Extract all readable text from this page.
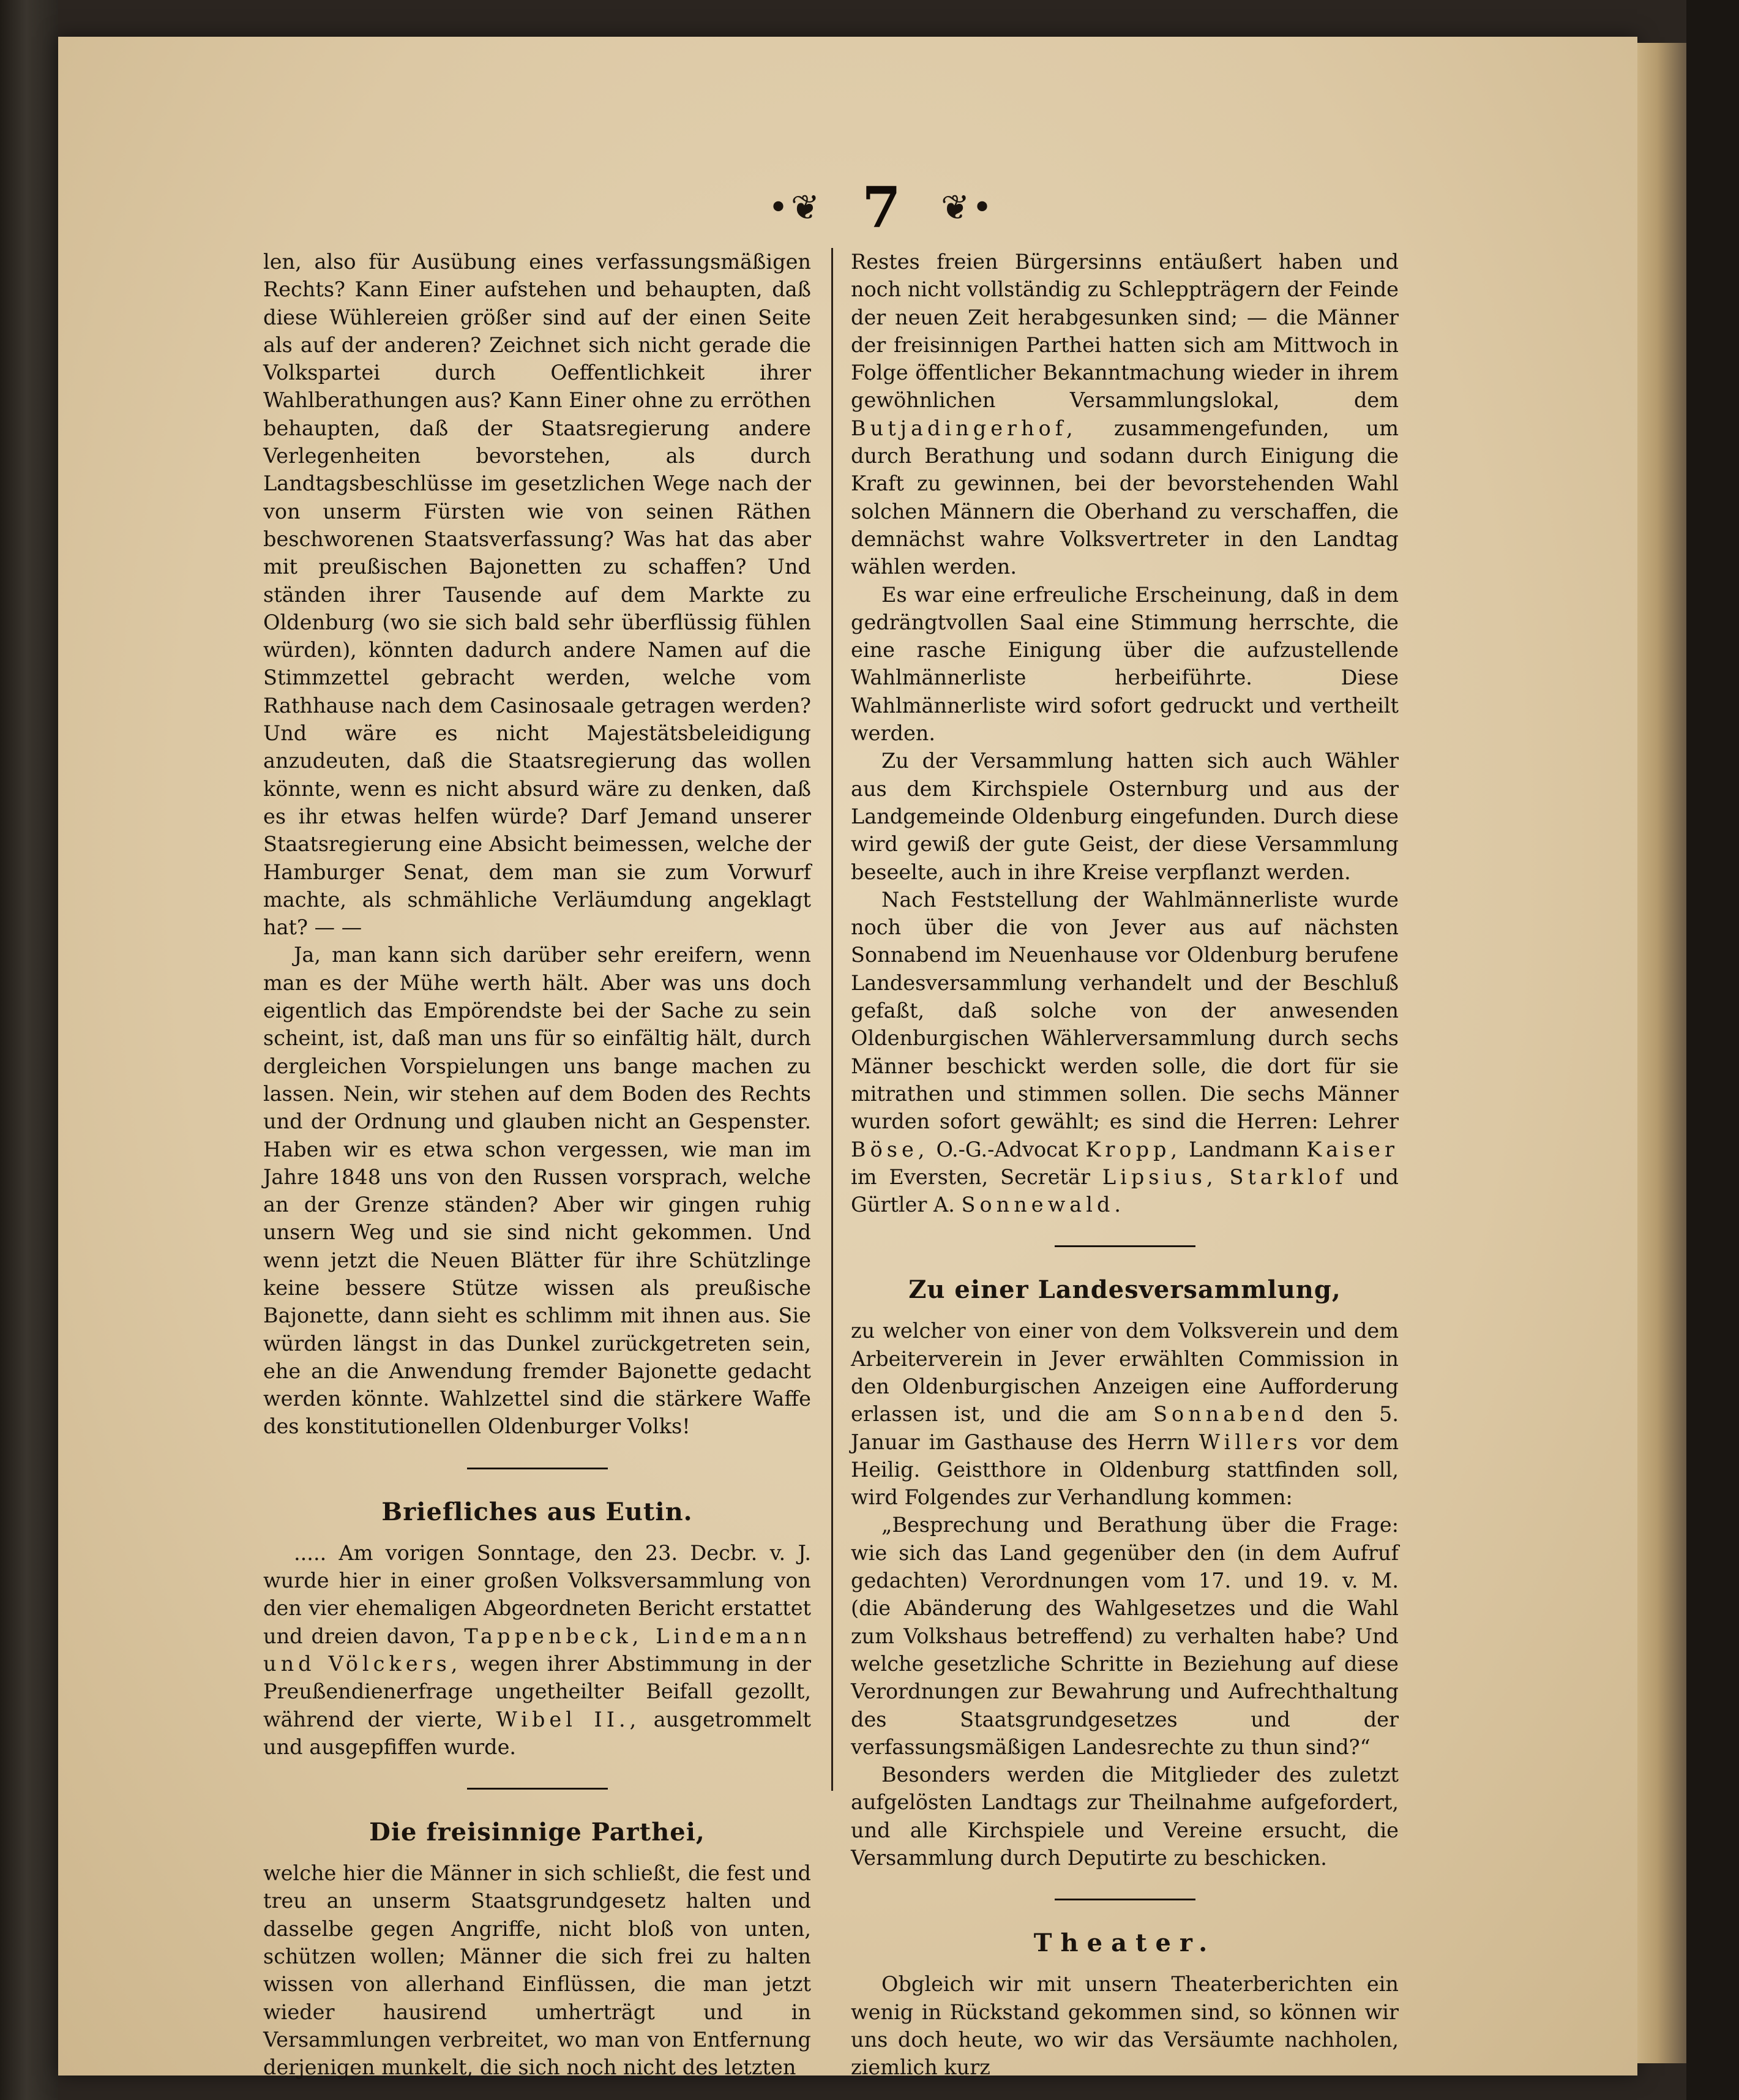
•❦ 7 ❦•

len, also für Ausübung eines verfassungsmäßigen Rechts? Kann Einer aufstehen und behaupten, daß diese Wühlereien größer sind auf der einen Seite als auf der anderen? Zeichnet sich nicht gerade die Volkspartei durch Oeffentlichkeit ihrer Wahlberathungen aus? Kann Einer ohne zu erröthen behaupten, daß der Staatsregierung andere Verlegenheiten bevorstehen, als durch Landtagsbeschlüsse im gesetzlichen Wege nach der von unserm Fürsten wie von seinen Räthen beschworenen Staatsverfassung? Was hat das aber mit preußischen Bajonetten zu schaffen? Und ständen ihrer Tausende auf dem Markte zu Oldenburg (wo sie sich bald sehr überflüssig fühlen würden), könnten dadurch andere Namen auf die Stimmzettel gebracht werden, welche vom Rathhause nach dem Casinosaale getragen werden? Und wäre es nicht Majestätsbeleidigung anzudeuten, daß die Staatsregierung das wollen könnte, wenn es nicht absurd wäre zu denken, daß es ihr etwas helfen würde? Darf Jemand unserer Staatsregierung eine Absicht beimessen, welche der Hamburger Senat, dem man sie zum Vorwurf machte, als schmähliche Verläumdung angeklagt hat? — —

Ja, man kann sich darüber sehr ereifern, wenn man es der Mühe werth hält. Aber was uns doch eigentlich das Empörendste bei der Sache zu sein scheint, ist, daß man uns für so einfältig hält, durch dergleichen Vorspielungen uns bange machen zu lassen. Nein, wir stehen auf dem Boden des Rechts und der Ordnung und glauben nicht an Gespenster. Haben wir es etwa schon vergessen, wie man im Jahre 1848 uns von den Russen vorsprach, welche an der Grenze ständen? Aber wir gingen ruhig unsern Weg und sie sind nicht gekommen. Und wenn jetzt die Neuen Blätter für ihre Schützlinge keine bessere Stütze wissen als preußische Bajonette, dann sieht es schlimm mit ihnen aus. Sie würden längst in das Dunkel zurückgetreten sein, ehe an die Anwendung fremder Bajonette gedacht werden könnte. Wahlzettel sind die stärkere Waffe des konstitutionellen Oldenburger Volks!

Briefliches aus Eutin.

..... Am vorigen Sonntage, den 23. Decbr. v. J. wurde hier in einer großen Volksversammlung von den vier ehemaligen Abgeordneten Bericht erstattet und dreien davon, Tappenbeck, Lindemann und Völckers, wegen ihrer Abstimmung in der Preußendienerfrage ungetheilter Beifall gezollt, während der vierte, Wibel II., ausgetrommelt und ausgepfiffen wurde.

Die freisinnige Parthei,

welche hier die Männer in sich schließt, die fest und treu an unserm Staatsgrundgesetz halten und dasselbe gegen Angriffe, nicht bloß von unten, schützen wollen; Männer die sich frei zu halten wissen von allerhand Einflüssen, die man jetzt wieder hausirend umherträgt und in Versammlungen verbreitet, wo man von Entfernung derjenigen munkelt, die sich noch nicht des letzten

Restes freien Bürgersinns entäußert haben und noch nicht vollständig zu Schleppträgern der Feinde der neuen Zeit herabgesunken sind; — die Männer der freisinnigen Parthei hatten sich am Mittwoch in Folge öffentlicher Bekanntmachung wieder in ihrem gewöhnlichen Versammlungslokal, dem Butjadingerhof, zusammengefunden, um durch Berathung und sodann durch Einigung die Kraft zu gewinnen, bei der bevorstehenden Wahl solchen Männern die Oberhand zu verschaffen, die demnächst wahre Volksvertreter in den Landtag wählen werden.

Es war eine erfreuliche Erscheinung, daß in dem gedrängtvollen Saal eine Stimmung herrschte, die eine rasche Einigung über die aufzustellende Wahlmännerliste herbeiführte. Diese Wahlmännerliste wird sofort gedruckt und vertheilt werden.

Zu der Versammlung hatten sich auch Wähler aus dem Kirchspiele Osternburg und aus der Landgemeinde Oldenburg eingefunden. Durch diese wird gewiß der gute Geist, der diese Versammlung beseelte, auch in ihre Kreise verpflanzt werden.

Nach Feststellung der Wahlmännerliste wurde noch über die von Jever aus auf nächsten Sonnabend im Neuenhause vor Oldenburg berufene Landesversammlung verhandelt und der Beschluß gefaßt, daß solche von der anwesenden Oldenburgischen Wählerversammlung durch sechs Männer beschickt werden solle, die dort für sie mitrathen und stimmen sollen. Die sechs Männer wurden sofort gewählt; es sind die Herren: Lehrer Böse, O.-G.-Advocat Kropp, Landmann Kaiser im Eversten, Secretär Lipsius, Starklof und Gürtler A. Sonnewald.

Zu einer Landesversammlung,

zu welcher von einer von dem Volksverein und dem Arbeiterverein in Jever erwählten Commission in den Oldenburgischen Anzeigen eine Aufforderung erlassen ist, und die am Sonnabend den 5. Januar im Gasthause des Herrn Willers vor dem Heilig. Geistthore in Oldenburg stattfinden soll, wird Folgendes zur Verhandlung kommen:

„Besprechung und Berathung über die Frage: wie sich das Land gegenüber den (in dem Aufruf gedachten) Verordnungen vom 17. und 19. v. M. (die Abänderung des Wahlgesetzes und die Wahl zum Volkshaus betreffend) zu verhalten habe? Und welche gesetzliche Schritte in Beziehung auf diese Verordnungen zur Bewahrung und Aufrechthaltung des Staatsgrundgesetzes und der verfassungsmäßigen Landesrechte zu thun sind?“

Besonders werden die Mitglieder des zuletzt aufgelösten Landtags zur Theilnahme aufgefordert, und alle Kirchspiele und Vereine ersucht, die Versammlung durch Deputirte zu beschicken.

Theater.

Obgleich wir mit unsern Theaterberichten ein wenig in Rückstand gekommen sind, so können wir uns doch heute, wo wir das Versäumte nachholen, ziemlich kurz
